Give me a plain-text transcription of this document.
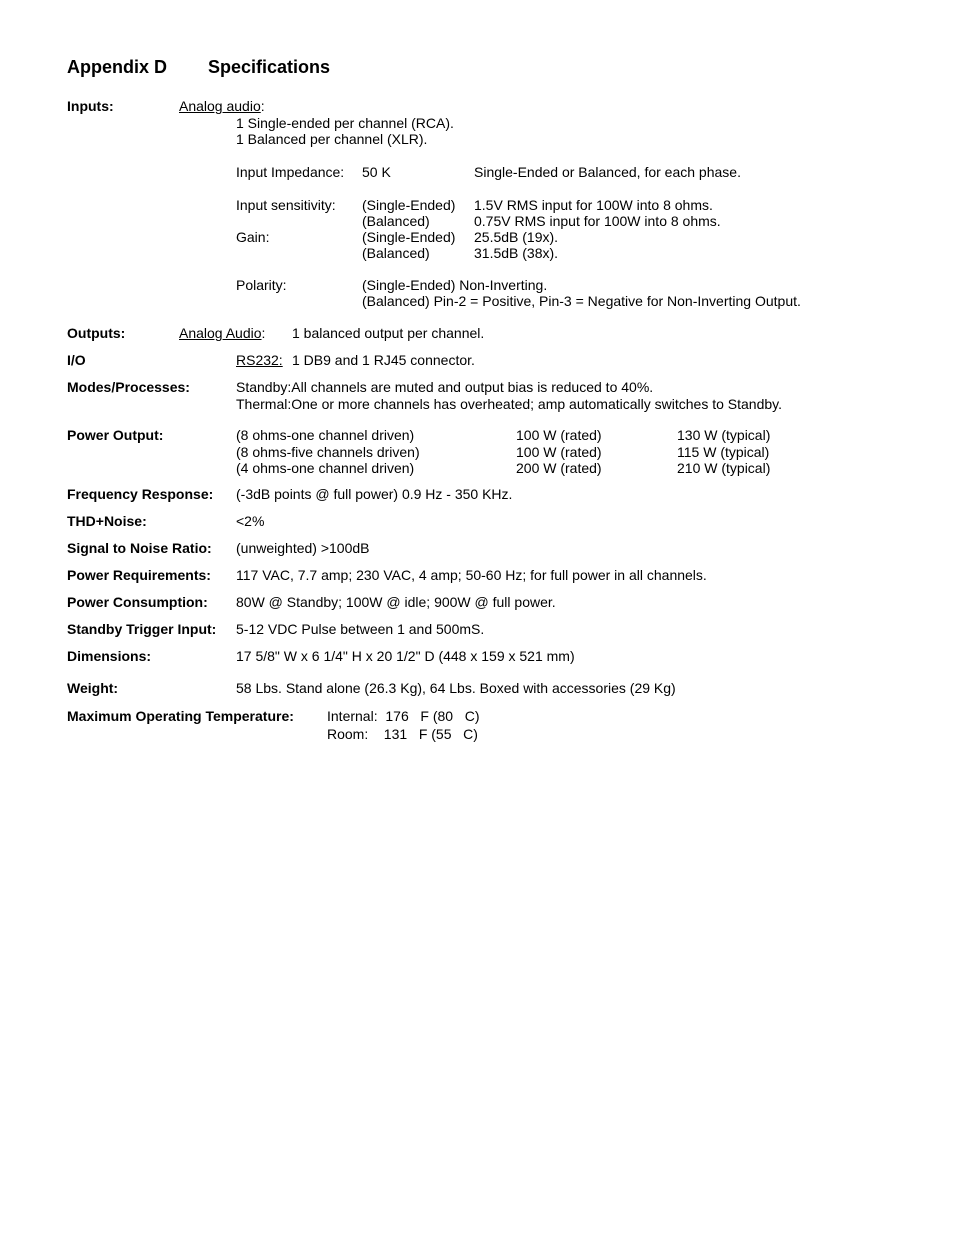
Appendix D Specifications
Inputs:	Analog audio:
1 Single-ended per channel (RCA).
1 Balanced per channel (XLR).
Input Impedance: 50 K	Single-Ended or Balanced, for each phase.
Input sensitivity: (Single-Ended) 1.5V RMS input for 100W into 8 ohms.
(Balanced)	0.75V RMS input for 100W into 8 ohms.
Gain:	(Single-Ended) 25.5dB (19x).
(Balanced)	31.5dB (38x).
Polarity:	(Single-Ended) Non-Inverting.
(Balanced) Pin-2 = Positive, Pin-3 = Negative for Non-Inverting Output.
Outputs:	Analog Audio: 1 balanced output per channel.
I/O	RS232: 1 DB9 and 1 RJ45 connector.
Modes/Processes:	Standby:All channels are muted and output bias is reduced to 40%.
Thermal:One or more channels has overheated; amp automatically switches to Standby.
Power Output:	(8 ohms-one channel driven)	100 W (rated)	130 W (typical)
(8 ohms-five channels driven)	100 W (rated)	115 W (typical)
(4 ohms-one channel driven)	200 W (rated)	210 W (typical)
Frequency Response: (-3dB points @ full power) 0.9 Hz - 350 KHz.
THD+Noise:	<2%
Signal to Noise Ratio: (unweighted) >100dB
Power Requirements: 117 VAC, 7.7 amp; 230 VAC, 4 amp; 50-60 Hz; for full power in all channels.
Power Consumption: 80W @ Standby; 100W @ idle; 900W @ full power.
Standby Trigger Input: 5-12 VDC Pulse between 1 and 500mS.
Dimensions:	17 5/8" W x 6 1/4" H x 20 1/2" D (448 x 159 x 521 mm)
Weight:	58 Lbs. Stand alone (26.3 Kg), 64 Lbs. Boxed with accessories (29 Kg)
Maximum Operating Temperature: Internal:  176   F (80   C)
Room:    131   F (55   C)
